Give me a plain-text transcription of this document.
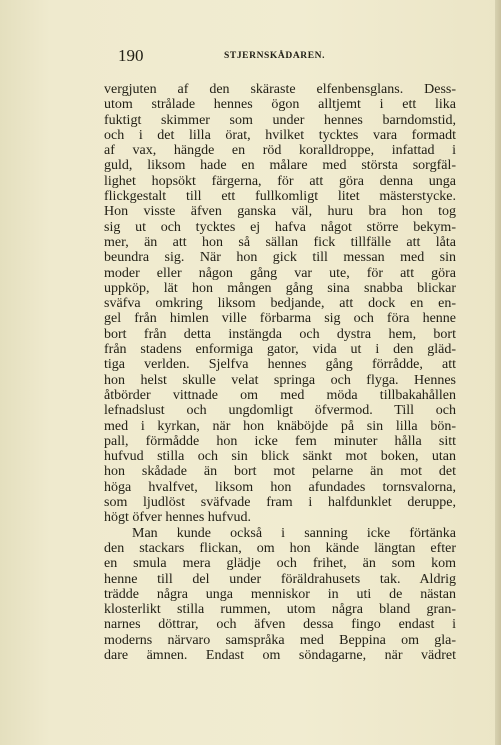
190	STJERNSKÅDAREN.
vergjuten af den skäraste elfenbensglans. Dess-
utom strålade hennes ögon alltjemt i ett lika
fuktigt skimmer som under hennes barndomstid,
och i det lilla örat, hvilket tycktes vara formadt
af vax, hängde en röd koralldroppe, infattad i
guld, liksom hade en målare med största sorgfäl-
lighet hopsökt färgerna, för att göra denna unga
flickgestalt till ett fullkomligt litet mästerstycke.
Hon visste äfven ganska väl, huru bra hon tog
sig ut och tycktes ej hafva något större bekym-
mer, än att hon så sällan fick tillfälle att låta
beundra sig. När hon gick till messan med sin
moder eller någon gång var ute, för att göra
uppköp, lät hon mången gång sina snabba blickar
sväfva omkring liksom bedjande, att dock en en-
gel från himlen ville förbarma sig och föra henne
bort från detta instängda och dystra hem, bort
från stadens enformiga gator, vida ut i den gläd-
tiga verlden. Sjelfva hennes gång förrådde, att
hon helst skulle velat springa och flyga. Hennes
åtbörder vittnade om med möda tillbakahållen
lefnadslust och ungdomligt öfvermod. Till och
med i kyrkan, när hon knäböjde på sin lilla bön-
pall, förmådde hon icke fem minuter hålla sitt
hufvud stilla och sin blick sänkt mot boken, utan
hon skådade än bort mot pelarne än mot det
höga hvalfvet, liksom hon afundades tornsvalorna,
som ljudlöst sväfvade fram i halfdunklet deruppe,
högt öfver hennes hufvud.
Man kunde också i sanning icke förtänka
den stackars flickan, om hon kände längtan efter
en smula mera glädje och frihet, än som kom
henne till del under föräldrahusets tak. Aldrig
trädde några unga menniskor in uti de nästan
klosterlikt stilla rummen, utom några bland gran-
narnes döttrar, och äfven dessa fingo endast i
moderns närvaro samspråka med Beppina om gla-
dare ämnen. Endast om söndagarne, när vädret
